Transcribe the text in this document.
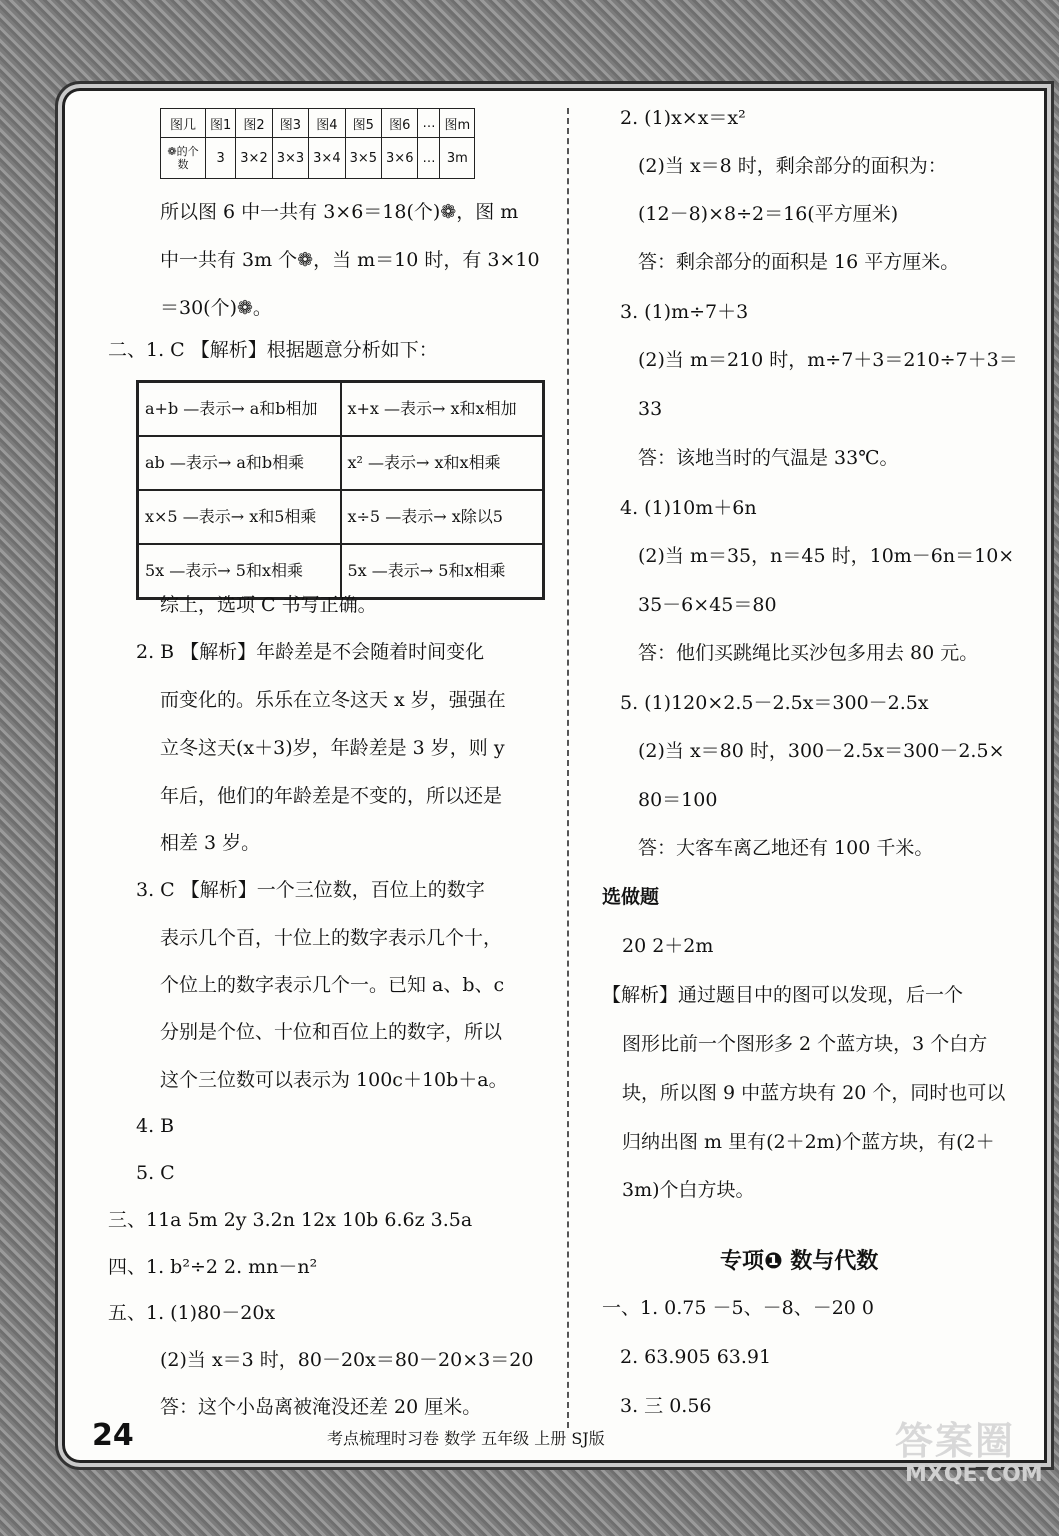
图几	图1	图2	图3	图4	图5	图6	…	图m
❁的个数	3	3×2	3×3	3×4	3×5	3×6	…	3m
所以图 6 中一共有 3×6＝18(个)❁，图 m
中一共有 3m 个❁，当 m＝10 时，有 3×10
＝30(个)❁。
二、1. C 【解析】根据题意分析如下：
a+b —表示→ a和b相加	x+x —表示→ x和x相加
ab —表示→ a和b相乘	x² —表示→ x和x相乘
x×5 —表示→ x和5相乘	x÷5 —表示→ x除以5
5x —表示→ 5和x相乘	5x —表示→ 5和x相乘
综上，选项 C 书写正确。
2. B 【解析】年龄差是不会随着时间变化
而变化的。乐乐在立冬这天 x 岁，强强在
立冬这天(x＋3)岁，年龄差是 3 岁，则 y
年后，他们的年龄差是不变的，所以还是
相差 3 岁。
3. C 【解析】一个三位数，百位上的数字
表示几个百，十位上的数字表示几个十，
个位上的数字表示几个一。已知 a、b、c
分别是个位、十位和百位上的数字，所以
这个三位数可以表示为 100c＋10b＋a。
4. B
5. C
三、11a 5m 2y 3.2n 12x 10b 6.6z 3.5a
四、1. b²÷2 2. mn－n²
五、1. (1)80－20x
(2)当 x＝3 时，80－20x＝80－20×3＝20
答：这个小岛离被淹没还差 20 厘米。
2. (1)x×x＝x²
(2)当 x＝8 时，剩余部分的面积为：
(12－8)×8÷2＝16(平方厘米)
答：剩余部分的面积是 16 平方厘米。
3. (1)m÷7＋3
(2)当 m＝210 时，m÷7＋3＝210÷7＋3＝
33
答：该地当时的气温是 33℃。
4. (1)10m＋6n
(2)当 m＝35，n＝45 时，10m－6n＝10×
35－6×45＝80
答：他们买跳绳比买沙包多用去 80 元。
5. (1)120×2.5－2.5x＝300－2.5x
(2)当 x＝80 时，300－2.5x＝300－2.5×
80＝100
答：大客车离乙地还有 100 千米。
选做题
20 2＋2m
【解析】通过题目中的图可以发现，后一个
图形比前一个图形多 2 个蓝方块，3 个白方
块，所以图 9 中蓝方块有 20 个，同时也可以
归纳出图 m 里有(2＋2m)个蓝方块，有(2＋
3m)个白方块。
专项❶ 数与代数
一、1. 0.75 －5、－8、－20 0
2. 63.905 63.91
3. 三 0.56
24	考点梳理时习卷 数学 五年级 上册 SJ版	答案圈
MXQE.COM
